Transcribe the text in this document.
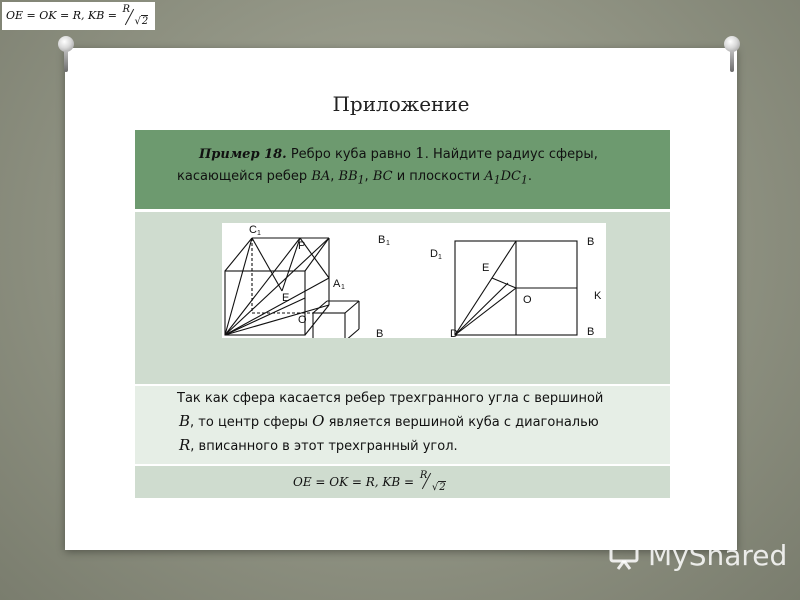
OE = OK = R, KB = R
√2
Приложение
Пример 18. Ребро куба равно 1. Найдите радиус сферы,
касающейся ребер BA, $BB_1$, BC и плоскости $A_1DC_1$.
C 1
P	B 1
A 1
E
O
B
D 1
B
E
K
O
D	B
Так как сфера касается ребер трехгранного угла с вершиной
B, то центр сферы O является вершиной куба с диагональю
R, вписанного в этот трехгранный угол.
OE = OK = R, KB = R
√2
MyShared
